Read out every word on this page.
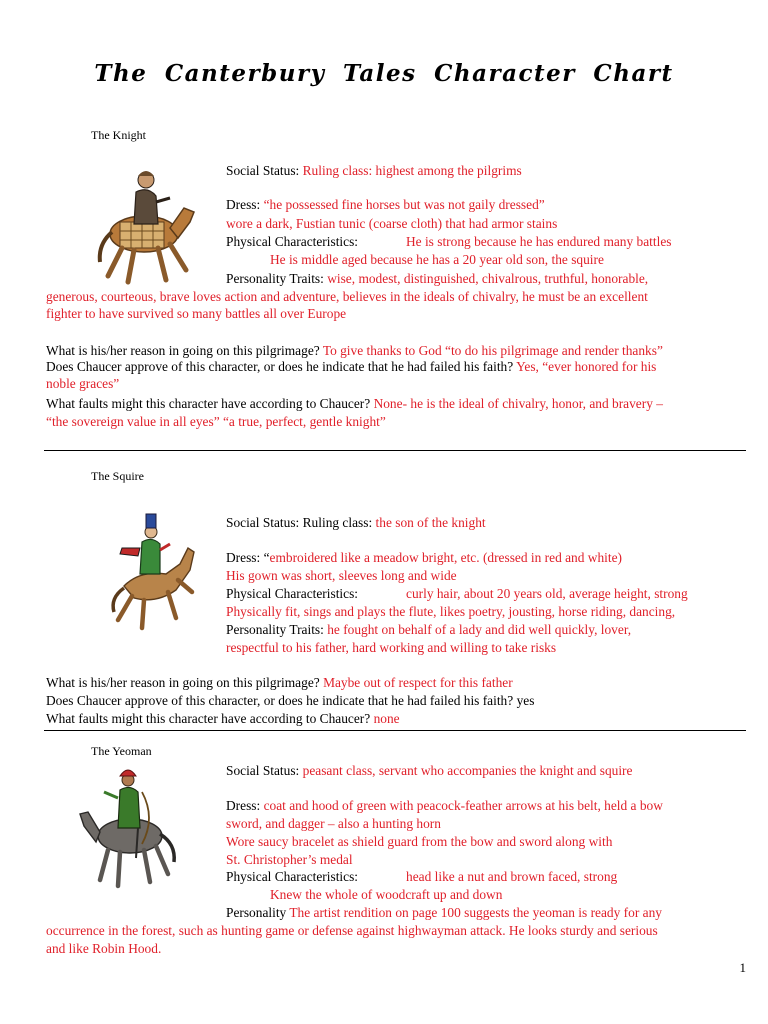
The Canterbury Tales Character Chart
The Knight
Social Status: Ruling class: highest among the pilgrims
Dress: “he possessed fine horses but was not gaily dressed”
wore a dark, Fustian tunic (coarse cloth) that had armor stains
Physical Characteristics:	He is strong because he has endured many battles
He is middle aged because he has a 20 year old son, the squire
Personality Traits: wise, modest, distinguished, chivalrous, truthful, honorable,
generous, courteous, brave loves action and adventure, believes in the ideals of chivalry, he must be an excellent
fighter to have survived so many battles all over Europe
What is his/her reason in going on this pilgrimage? To give thanks to God “to do his pilgrimage and render thanks”
Does Chaucer approve of this character, or does he indicate that he had failed his faith? Yes, “ever honored for his
noble graces”
What faults might this character have according to Chaucer? None- he is the ideal of chivalry, honor, and bravery –
“the sovereign value in all eyes” “a true, perfect, gentle knight”
The Squire
Social Status: Ruling class: the son of the knight
Dress: “embroidered like a meadow bright, etc. (dressed in red and white)
His gown was short, sleeves long and wide
Physical Characteristics:	curly hair, about 20 years old, average height, strong
Physically fit, sings and plays the flute, likes poetry, jousting, horse riding, dancing,
Personality Traits: he fought on behalf of a lady and did well quickly, lover,
respectful to his father, hard working and willing to take risks
What is his/her reason in going on this pilgrimage? Maybe out of respect for this father
Does Chaucer approve of this character, or does he indicate that he had failed his faith? yes
What faults might this character have according to Chaucer? none
The Yeoman
Social Status: peasant class, servant who accompanies the knight and squire
Dress: coat and hood of green with peacock-feather arrows at his belt, held a bow
sword, and dagger – also a hunting horn
Wore saucy bracelet as shield guard from the bow and sword along with
St. Christopher’s medal
Physical Characteristics:	head like a nut and brown faced, strong
Knew the whole of woodcraft up and down
Personality The artist rendition on page 100 suggests the yeoman is ready for any
occurrence in the forest, such as hunting game or defense against highwayman attack. He looks sturdy and serious
and like Robin Hood.
1
